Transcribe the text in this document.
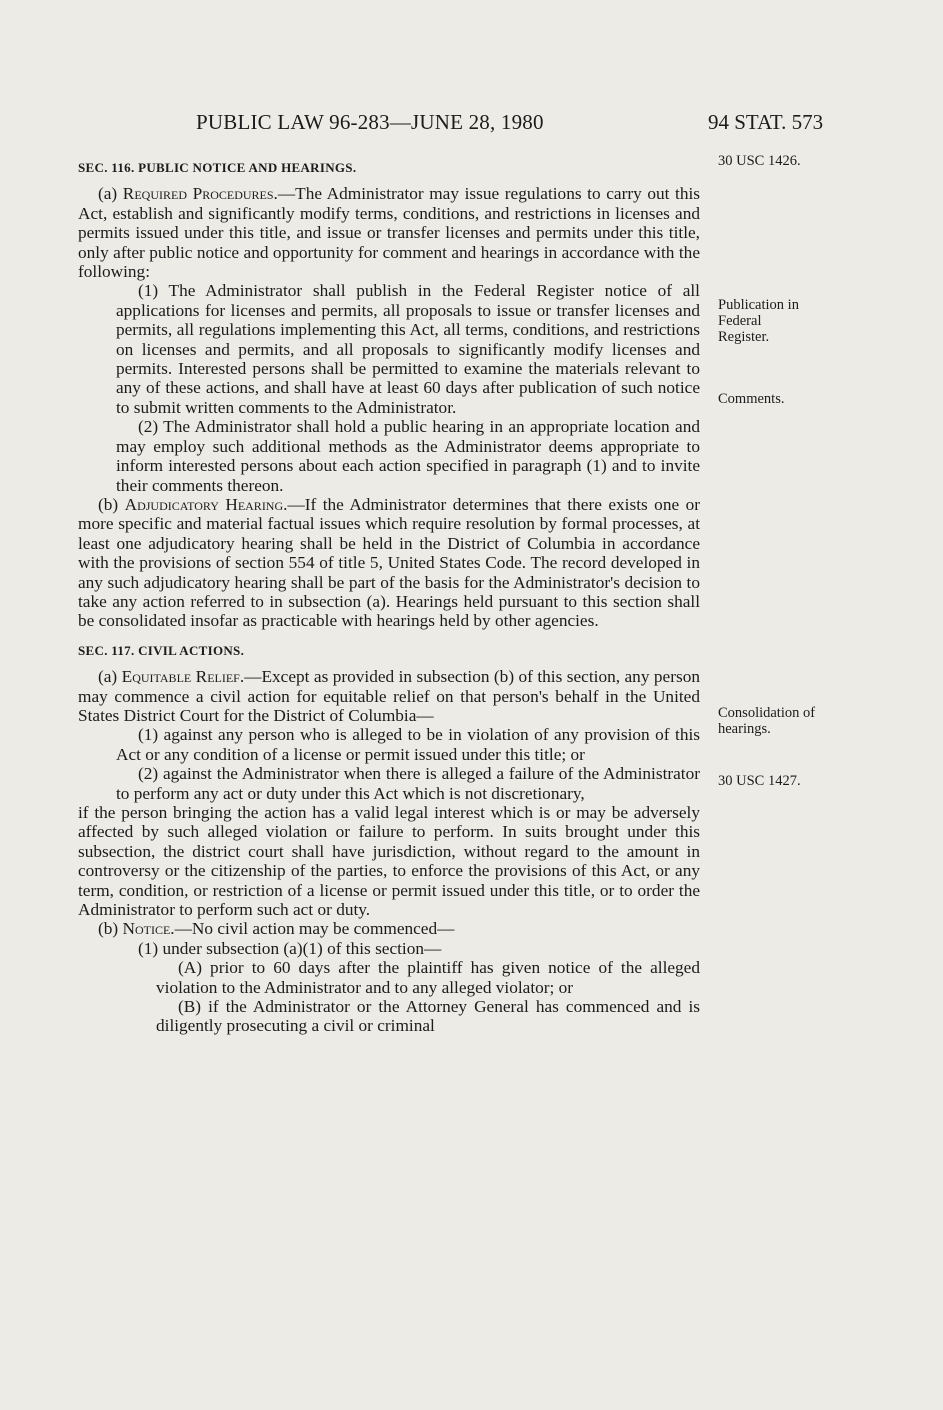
PUBLIC LAW 96-283—JUNE 28, 1980	94 STAT. 573
30 USC 1426.
Publication in
Federal
Register.
Comments.
Consolidation of
hearings.
30 USC 1427.
SEC. 116. PUBLIC NOTICE AND HEARINGS.

(a) Required Procedures.—The Administrator may issue regulations to carry out this Act, establish and significantly modify terms, conditions, and restrictions in licenses and permits issued under this title, and issue or transfer licenses and permits under this title, only after public notice and opportunity for comment and hearings in accordance with the following:

(1) The Administrator shall publish in the Federal Register notice of all applications for licenses and permits, all proposals to issue or transfer licenses and permits, all regulations implementing this Act, all terms, conditions, and restrictions on licenses and permits, and all proposals to significantly modify licenses and permits. Interested persons shall be permitted to examine the materials relevant to any of these actions, and shall have at least 60 days after publication of such notice to submit written comments to the Administrator.

(2) The Administrator shall hold a public hearing in an appropriate location and may employ such additional methods as the Administrator deems appropriate to inform interested persons about each action specified in paragraph (1) and to invite their comments thereon.

(b) Adjudicatory Hearing.—If the Administrator determines that there exists one or more specific and material factual issues which require resolution by formal processes, at least one adjudicatory hearing shall be held in the District of Columbia in accordance with the provisions of section 554 of title 5, United States Code. The record developed in any such adjudicatory hearing shall be part of the basis for the Administrator's decision to take any action referred to in subsection (a). Hearings held pursuant to this section shall be consolidated insofar as practicable with hearings held by other agencies.

SEC. 117. CIVIL ACTIONS.

(a) Equitable Relief.—Except as provided in subsection (b) of this section, any person may commence a civil action for equitable relief on that person's behalf in the United States District Court for the District of Columbia—

(1) against any person who is alleged to be in violation of any provision of this Act or any condition of a license or permit issued under this title; or

(2) against the Administrator when there is alleged a failure of the Administrator to perform any act or duty under this Act which is not discretionary,

if the person bringing the action has a valid legal interest which is or may be adversely affected by such alleged violation or failure to perform. In suits brought under this subsection, the district court shall have jurisdiction, without regard to the amount in controversy or the citizenship of the parties, to enforce the provisions of this Act, or any term, condition, or restriction of a license or permit issued under this title, or to order the Administrator to perform such act or duty.

(b) Notice.—No civil action may be commenced—

(1) under subsection (a)(1) of this section—

(A) prior to 60 days after the plaintiff has given notice of the alleged violation to the Administrator and to any alleged violator; or

(B) if the Administrator or the Attorney General has commenced and is diligently prosecuting a civil or criminal
